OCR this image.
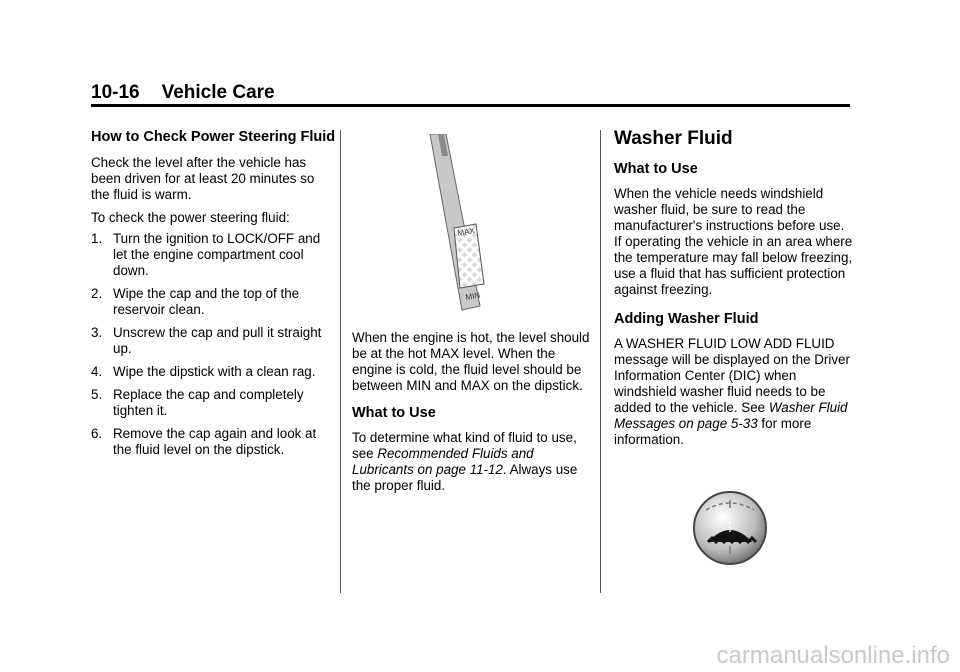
10-16 Vehicle Care
How to Check Power Steering Fluid

Check the level after the vehicle has been driven for at least 20 minutes so the fluid is warm.

To check the power steering fluid:

1. Turn the ignition to LOCK/OFF and let the engine compartment cool down.
2. Wipe the cap and the top of the reservoir clean.
3. Unscrew the cap and pull it straight up.
4. Wipe the dipstick with a clean rag.
5. Replace the cap and completely tighten it.
6. Remove the cap again and look at the fluid level on the dipstick.
MAX
MIN

When the engine is hot, the level should be at the hot MAX level. When the engine is cold, the fluid level should be between MIN and MAX on the dipstick.

What to Use

To determine what kind of fluid to use, see Recommended Fluids and Lubricants on page 11-12. Always use the proper fluid.

Washer Fluid
What to Use

When the vehicle needs windshield washer fluid, be sure to read the manufacturer's instructions before use. If operating the vehicle in an area where the temperature may fall below freezing, use a fluid that has sufficient protection against freezing.

Adding Washer Fluid

A WASHER FLUID LOW ADD FLUID message will be displayed on the Driver Information Center (DIC) when windshield washer fluid needs to be added to the vehicle. See Washer Fluid Messages on page 5-33 for more information.

carmanualsonline.info
